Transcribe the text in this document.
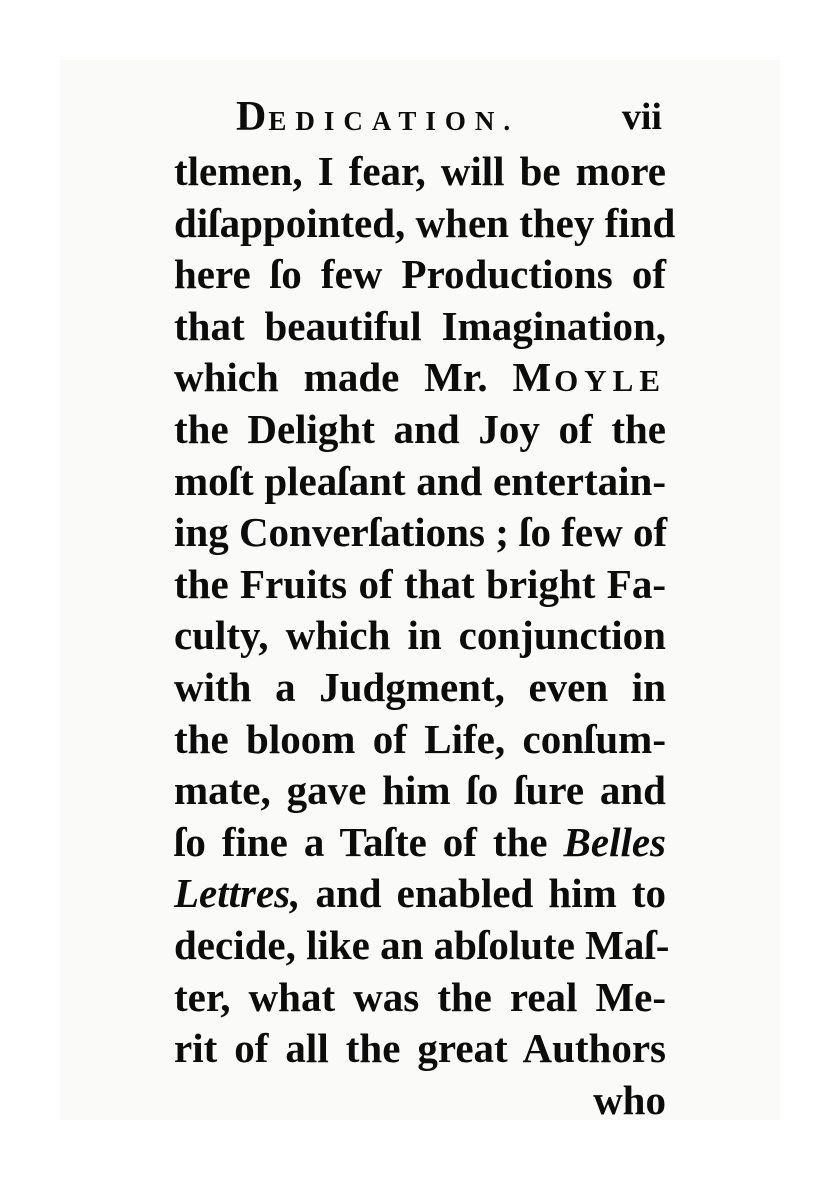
DEDICATION.	vii
tlemen, I fear, will be more
diſappointed, when they find
here ſo few Productions of
that beautiful Imagination,
which made Mr. MOYLE
the Delight and Joy of the
moſt pleaſant and entertain-
ing Converſations ; ſo few of
the Fruits of that bright Fa-
culty, which in conjunction
with a Judgment, even in
the bloom of Life, conſum-
mate, gave him ſo ſure and
ſo fine a Taſte of the Belles
Lettres, and enabled him to
decide, like an abſolute Maſ-
ter, what was the real Me-
rit of all the great Authors
who
